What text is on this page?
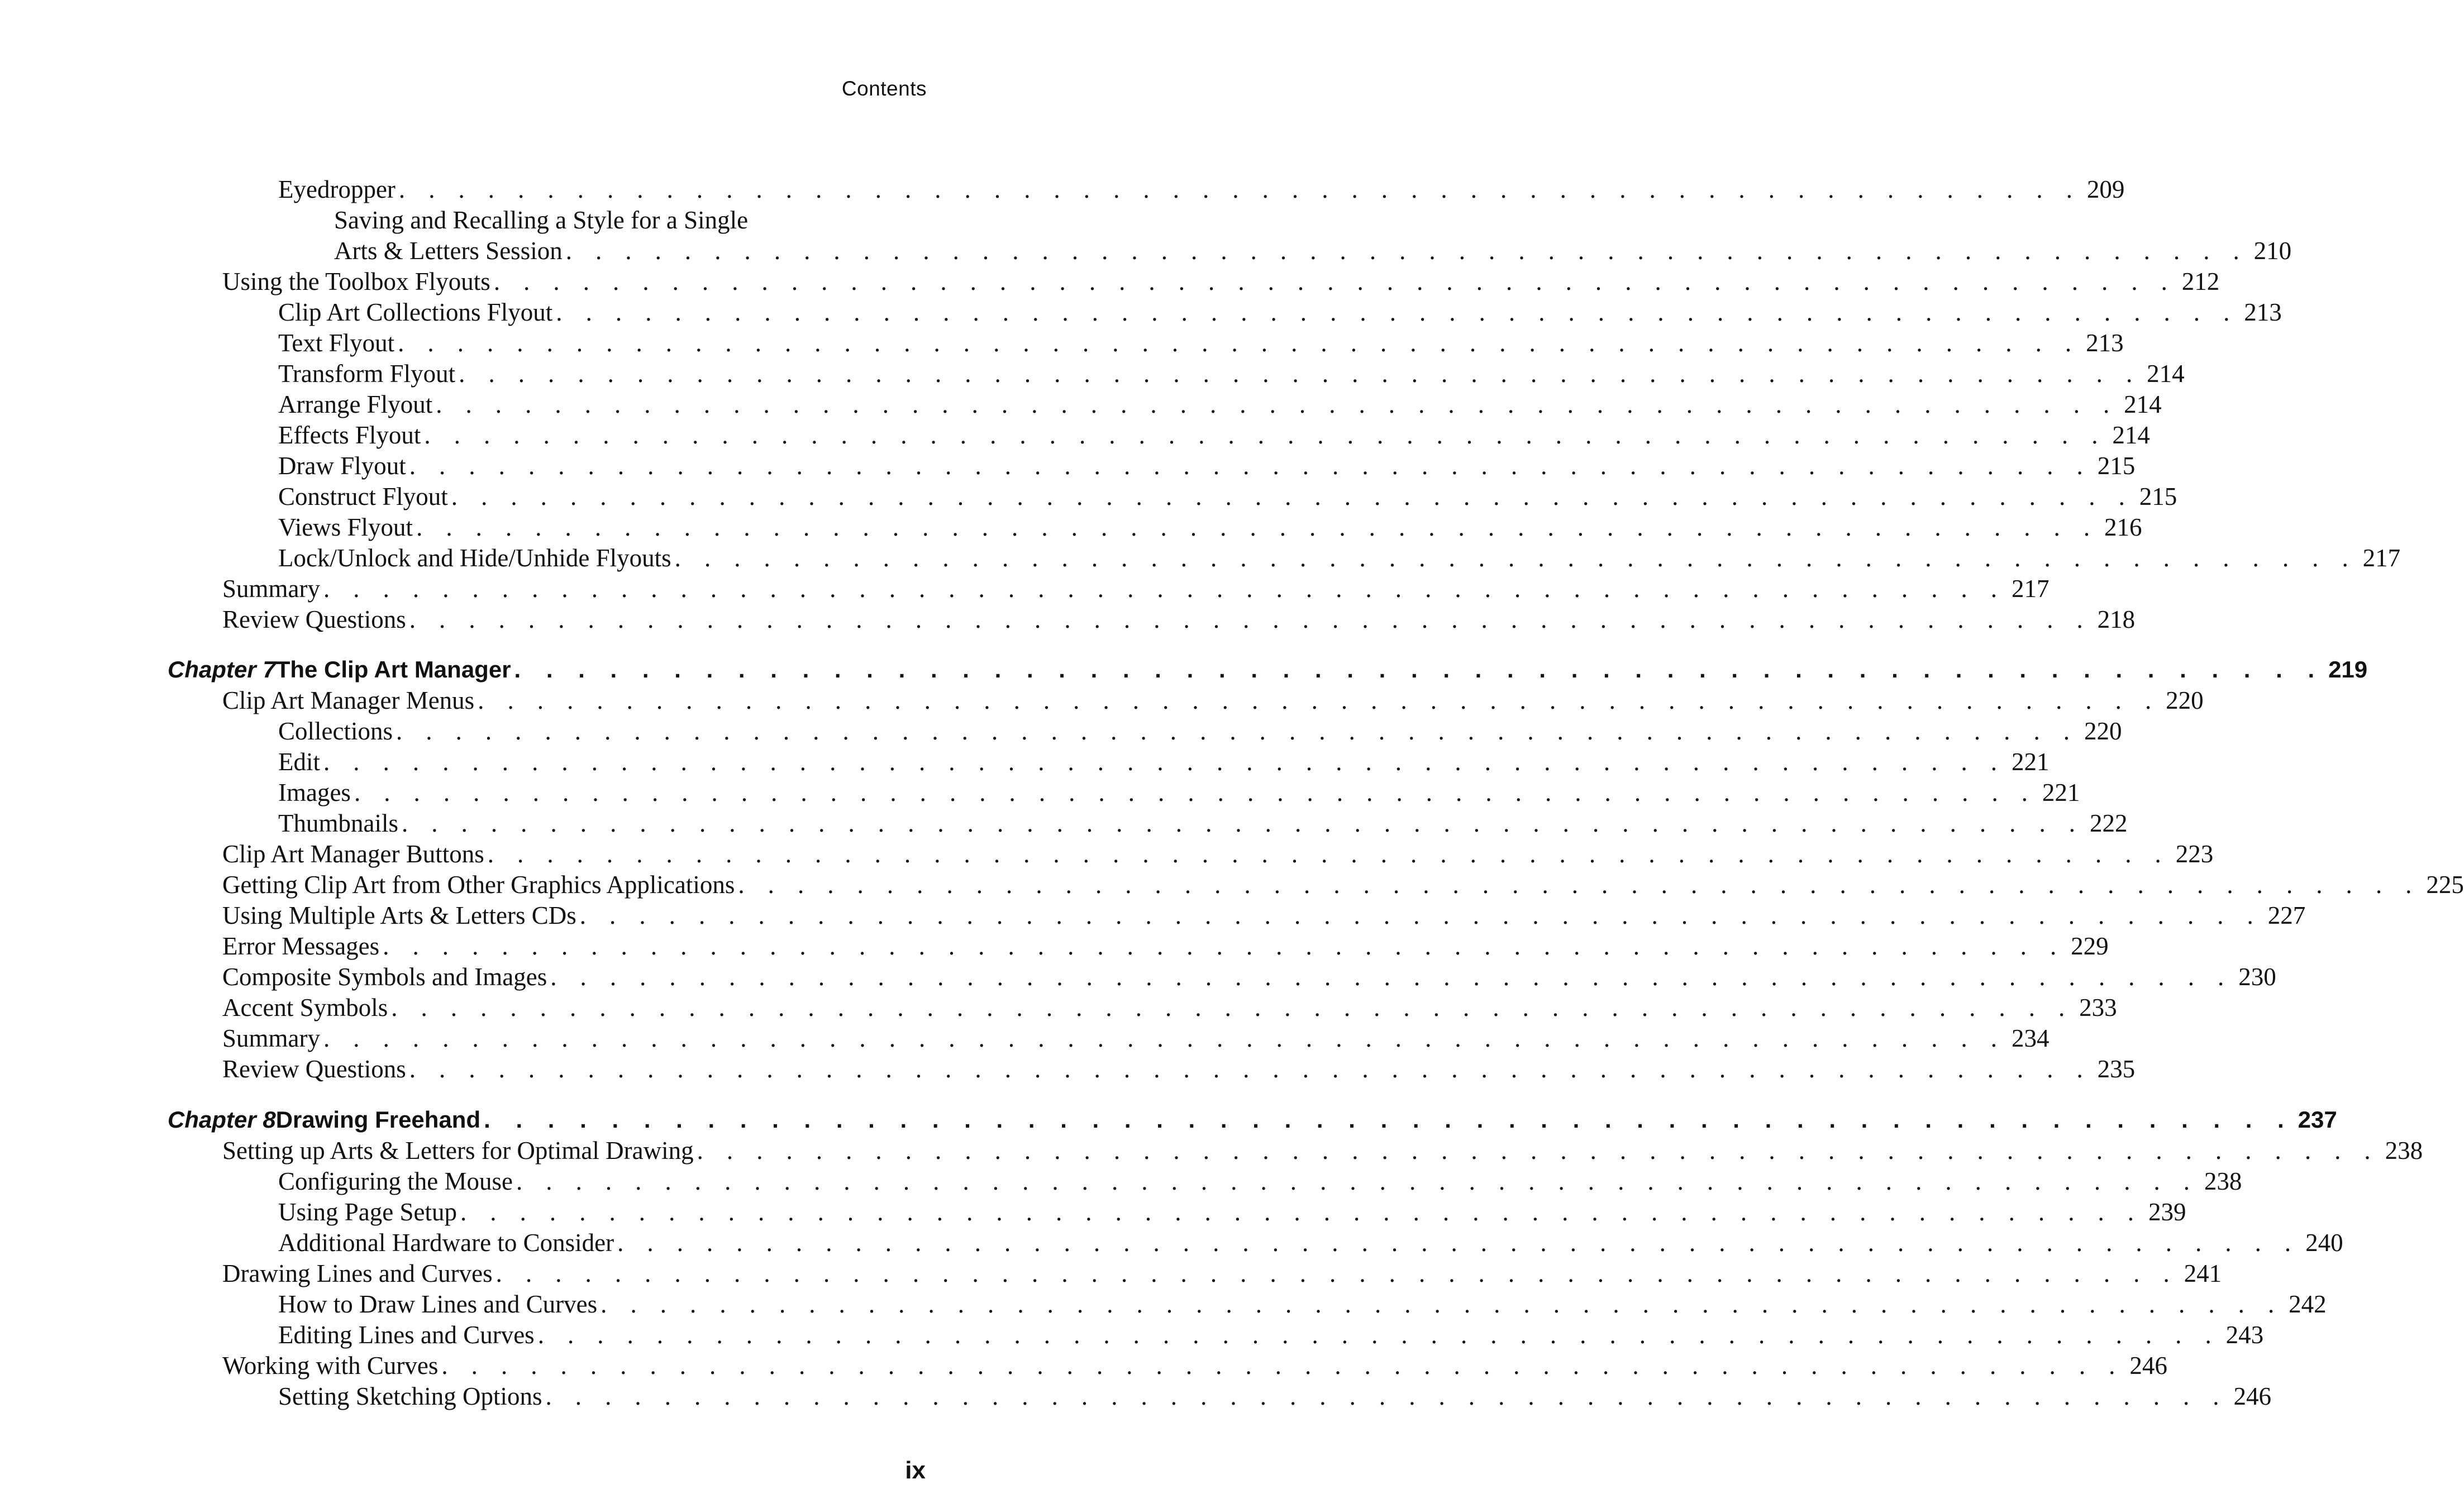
Contents
Eyedropper . . . . . . . . . . . . . . . . . . . . . . . . . . . . . . . . . . . . . . . . . . . . . . . . . . . . . . . . . 209
Saving and Recalling a Style for a Single
Arts & Letters Session . . . . . . . . . . . . . . . . . . . . . . . . . . . . . . . . . . . . . . . . . . . . . . . . . . . . . . . . . 210
Using the Toolbox Flyouts . . . . . . . . . . . . . . . . . . . . . . . . . . . . . . . . . . . . . . . . . . . . . . . . . . . . . . . . . 212
Clip Art Collections Flyout . . . . . . . . . . . . . . . . . . . . . . . . . . . . . . . . . . . . . . . . . . . . . . . . . . . . . . . . . 213
Text Flyout . . . . . . . . . . . . . . . . . . . . . . . . . . . . . . . . . . . . . . . . . . . . . . . . . . . . . . . . . 213
Transform Flyout . . . . . . . . . . . . . . . . . . . . . . . . . . . . . . . . . . . . . . . . . . . . . . . . . . . . . . . . . 214
Arrange Flyout . . . . . . . . . . . . . . . . . . . . . . . . . . . . . . . . . . . . . . . . . . . . . . . . . . . . . . . . . 214
Effects Flyout . . . . . . . . . . . . . . . . . . . . . . . . . . . . . . . . . . . . . . . . . . . . . . . . . . . . . . . . . 214
Draw Flyout . . . . . . . . . . . . . . . . . . . . . . . . . . . . . . . . . . . . . . . . . . . . . . . . . . . . . . . . . 215
Construct Flyout . . . . . . . . . . . . . . . . . . . . . . . . . . . . . . . . . . . . . . . . . . . . . . . . . . . . . . . . . 215
Views Flyout . . . . . . . . . . . . . . . . . . . . . . . . . . . . . . . . . . . . . . . . . . . . . . . . . . . . . . . . . 216
Lock/Unlock and Hide/Unhide Flyouts . . . . . . . . . . . . . . . . . . . . . . . . . . . . . . . . . . . . . . . . . . . . . . . . . . . . . . . . . 217
Summary . . . . . . . . . . . . . . . . . . . . . . . . . . . . . . . . . . . . . . . . . . . . . . . . . . . . . . . . . 217
Review Questions . . . . . . . . . . . . . . . . . . . . . . . . . . . . . . . . . . . . . . . . . . . . . . . . . . . . . . . . . 218
Chapter 7 The Clip Art Manager . . . . . . . . . . . . . . . . . . . . . . . . . . . . . . . . . . . . . . . . . . . . . . . . . . . . . . . . . 219
Clip Art Manager Menus . . . . . . . . . . . . . . . . . . . . . . . . . . . . . . . . . . . . . . . . . . . . . . . . . . . . . . . . . 220
Collections . . . . . . . . . . . . . . . . . . . . . . . . . . . . . . . . . . . . . . . . . . . . . . . . . . . . . . . . . 220
Edit . . . . . . . . . . . . . . . . . . . . . . . . . . . . . . . . . . . . . . . . . . . . . . . . . . . . . . . . . 221
Images . . . . . . . . . . . . . . . . . . . . . . . . . . . . . . . . . . . . . . . . . . . . . . . . . . . . . . . . . 221
Thumbnails . . . . . . . . . . . . . . . . . . . . . . . . . . . . . . . . . . . . . . . . . . . . . . . . . . . . . . . . . 222
Clip Art Manager Buttons . . . . . . . . . . . . . . . . . . . . . . . . . . . . . . . . . . . . . . . . . . . . . . . . . . . . . . . . . 223
Getting Clip Art from Other Graphics Applications . . . . . . . . . . . . . . . . . . . . . . . . . . . . . . . . . . . . . . . . . . . . . . . . . . . . . . . . . 225
Using Multiple Arts & Letters CDs . . . . . . . . . . . . . . . . . . . . . . . . . . . . . . . . . . . . . . . . . . . . . . . . . . . . . . . . . 227
Error Messages . . . . . . . . . . . . . . . . . . . . . . . . . . . . . . . . . . . . . . . . . . . . . . . . . . . . . . . . . 229
Composite Symbols and Images . . . . . . . . . . . . . . . . . . . . . . . . . . . . . . . . . . . . . . . . . . . . . . . . . . . . . . . . . 230
Accent Symbols . . . . . . . . . . . . . . . . . . . . . . . . . . . . . . . . . . . . . . . . . . . . . . . . . . . . . . . . . 233
Summary . . . . . . . . . . . . . . . . . . . . . . . . . . . . . . . . . . . . . . . . . . . . . . . . . . . . . . . . . 234
Review Questions . . . . . . . . . . . . . . . . . . . . . . . . . . . . . . . . . . . . . . . . . . . . . . . . . . . . . . . . . 235
Chapter 8 Drawing Freehand . . . . . . . . . . . . . . . . . . . . . . . . . . . . . . . . . . . . . . . . . . . . . . . . . . . . . . . . . 237
Setting up Arts & Letters for Optimal Drawing . . . . . . . . . . . . . . . . . . . . . . . . . . . . . . . . . . . . . . . . . . . . . . . . . . . . . . . . . 238
Configuring the Mouse . . . . . . . . . . . . . . . . . . . . . . . . . . . . . . . . . . . . . . . . . . . . . . . . . . . . . . . . . 238
Using Page Setup . . . . . . . . . . . . . . . . . . . . . . . . . . . . . . . . . . . . . . . . . . . . . . . . . . . . . . . . . 239
Additional Hardware to Consider . . . . . . . . . . . . . . . . . . . . . . . . . . . . . . . . . . . . . . . . . . . . . . . . . . . . . . . . . 240
Drawing Lines and Curves . . . . . . . . . . . . . . . . . . . . . . . . . . . . . . . . . . . . . . . . . . . . . . . . . . . . . . . . . 241
How to Draw Lines and Curves . . . . . . . . . . . . . . . . . . . . . . . . . . . . . . . . . . . . . . . . . . . . . . . . . . . . . . . . . 242
Editing Lines and Curves . . . . . . . . . . . . . . . . . . . . . . . . . . . . . . . . . . . . . . . . . . . . . . . . . . . . . . . . . 243
Working with Curves . . . . . . . . . . . . . . . . . . . . . . . . . . . . . . . . . . . . . . . . . . . . . . . . . . . . . . . . . 246
Setting Sketching Options . . . . . . . . . . . . . . . . . . . . . . . . . . . . . . . . . . . . . . . . . . . . . . . . . . . . . . . . . 246
ix
